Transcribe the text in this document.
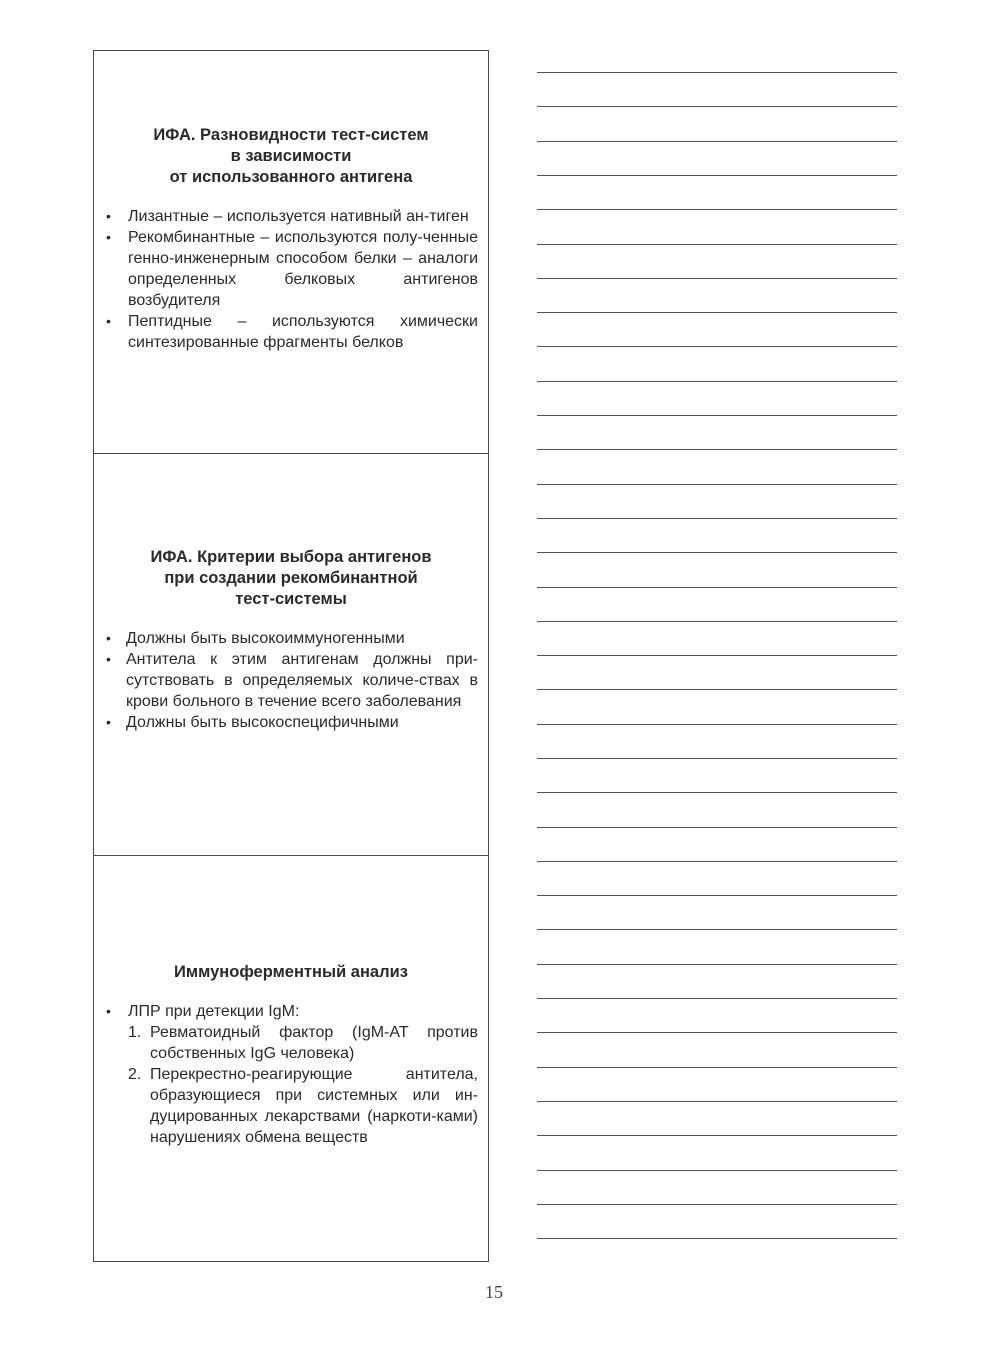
ИФА. Разновидности тест-систем
в зависимости
от использованного антигена
• Лизантные – используется нативный ан-тиген
• Рекомбинантные – используются полу-ченные генно-инженерным способом белки – аналоги определенных белковых антигенов возбудителя
• Пептидные – используются химически синтезированные фрагменты белков
ИФА. Критерии выбора антигенов
при создании рекомбинантной
тест-системы
• Должны быть высокоиммуногенными
• Антитела к этим антигенам должны при-сутствовать в определяемых количе-ствах в крови больного в течение всего заболевания
• Должны быть высокоспецифичными
Иммуноферментный анализ
• ЛПР при детекции IgM:
1. Ревматоидный фактор (IgM-AT против собственных IgG человека)
2. Перекрестно-реагирующие антитела, образующиеся при системных или ин-дуцированных лекарствами (наркоти-ками) нарушениях обмена веществ
15
